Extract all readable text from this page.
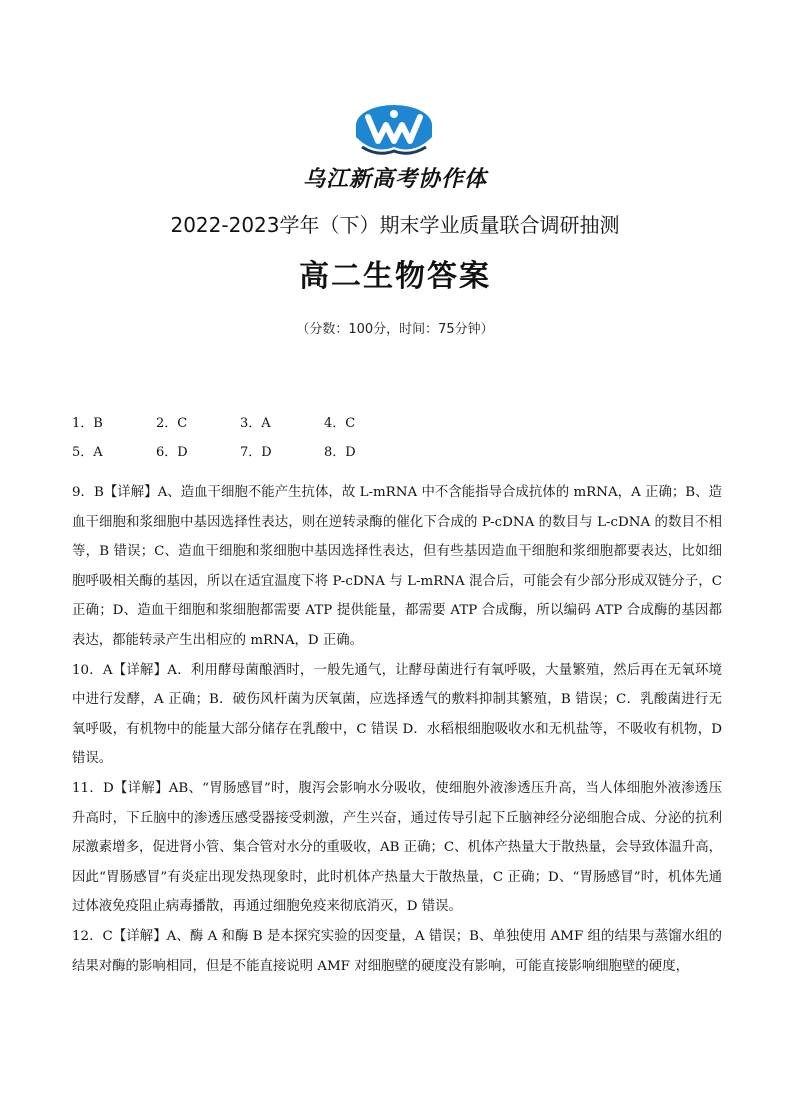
乌江新高考协作体
2022-2023学年（下）期末学业质量联合调研抽测
高二生物答案
（分数：100分，时间：75分钟）
1．B	2．C	3．A	4．C
5．A	6．D	7．D	8．D

9．B【详解】A、造血干细胞不能产生抗体，故 L-mRNA 中不含能指导合成抗体的 mRNA，A 正确；B、造血干细胞和浆细胞中基因选择性表达，则在逆转录酶的催化下合成的 P-cDNA 的数目与 L-cDNA 的数目不相等，B 错误；C、造血干细胞和浆细胞中基因选择性表达，但有些基因造血干细胞和浆细胞都要表达，比如细胞呼吸相关酶的基因，所以在适宜温度下将 P-cDNA 与 L-mRNA 混合后，可能会有少部分形成双链分子，C 正确；D、造血干细胞和浆细胞都需要 ATP 提供能量，都需要 ATP 合成酶，所以编码 ATP 合成酶的基因都表达，都能转录产生出相应的 mRNA，D 正确。

10．A【详解】A．利用酵母菌酿酒时，一般先通气，让酵母菌进行有氧呼吸，大量繁殖，然后再在无氧环境中进行发酵，A 正确；B．破伤风杆菌为厌氧菌，应选择透气的敷料抑制其繁殖，B 错误；C．乳酸菌进行无氧呼吸，有机物中的能量大部分储存在乳酸中，C 错误 D．水稻根细胞吸收水和无机盐等，不吸收有机物，D 错误。

11．D【详解】AB、“胃肠感冒”时，腹泻会影响水分吸收，使细胞外液渗透压升高，当人体细胞外液渗透压升高时，下丘脑中的渗透压感受器接受刺激，产生兴奋，通过传导引起下丘脑神经分泌细胞合成、分泌的抗利尿激素增多，促进肾小管、集合管对水分的重吸收，AB 正确；C、机体产热量大于散热量，会导致体温升高，因此“胃肠感冒”有炎症出现发热现象时，此时机体产热量大于散热量，C 正确；D、“胃肠感冒”时，机体先通过体液免疫阻止病毒播散，再通过细胞免疫来彻底消灭，D 错误。

12．C【详解】A、酶 A 和酶 B 是本探究实验的因变量，A 错误；B、单独使用 AMF 组的结果与蒸馏水组的结果对酶的影响相同，但是不能直接说明 AMF 对细胞壁的硬度没有影响，可能直接影响细胞壁的硬度，
